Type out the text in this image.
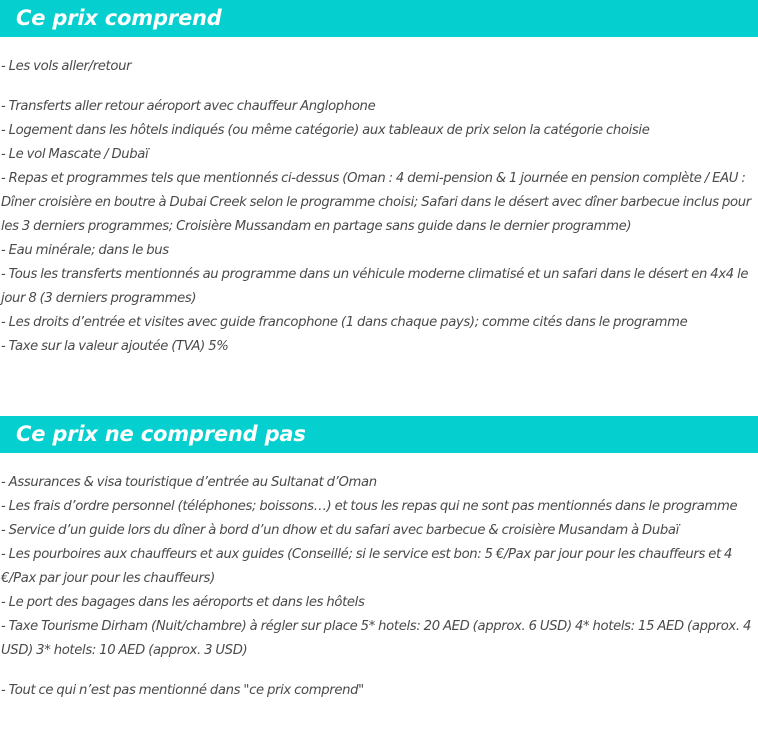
Ce prix comprend

- Les vols aller/retour

- Transferts aller retour aéroport avec chauffeur Anglophone

- Logement dans les hôtels indiqués (ou même catégorie) aux tableaux de prix selon la catégorie choisie

- Le vol Mascate / Dubaï

- Repas et programmes tels que mentionnés ci-dessus (Oman : 4 demi-pension & 1 journée en pension complète / EAU : Dîner croisière en boutre à Dubai Creek selon le programme choisi; Safari dans le désert avec dîner barbecue inclus pour les 3 derniers programmes; Croisière Mussandam en partage sans guide dans le dernier programme)

- Eau minérale; dans le bus

- Tous les transferts mentionnés au programme dans un véhicule moderne climatisé et un safari dans le désert en 4x4 le jour 8 (3 derniers programmes)

- Les droits d’entrée et visites avec guide francophone (1 dans chaque pays); comme cités dans le programme

- Taxe sur la valeur ajoutée (TVA) 5%

Ce prix ne comprend pas

- Assurances & visa touristique d’entrée au Sultanat d’Oman

- Les frais d’ordre personnel (téléphones; boissons…) et tous les repas qui ne sont pas mentionnés dans le programme

- Service d’un guide lors du dîner à bord d’un dhow et du safari avec barbecue & croisière Musandam à Dubaï

- Les pourboires aux chauffeurs et aux guides (Conseillé; si le service est bon: 5 €/Pax par jour pour les chauffeurs et 4 €/Pax par jour pour les chauffeurs)

- Le port des bagages dans les aéroports et dans les hôtels

- Taxe Tourisme Dirham (Nuit/chambre) à régler sur place 5* hotels: 20 AED (approx. 6 USD) 4* hotels: 15 AED (approx. 4 USD) 3* hotels: 10 AED (approx. 3 USD)

- Tout ce qui n’est pas mentionné dans "ce prix comprend"
